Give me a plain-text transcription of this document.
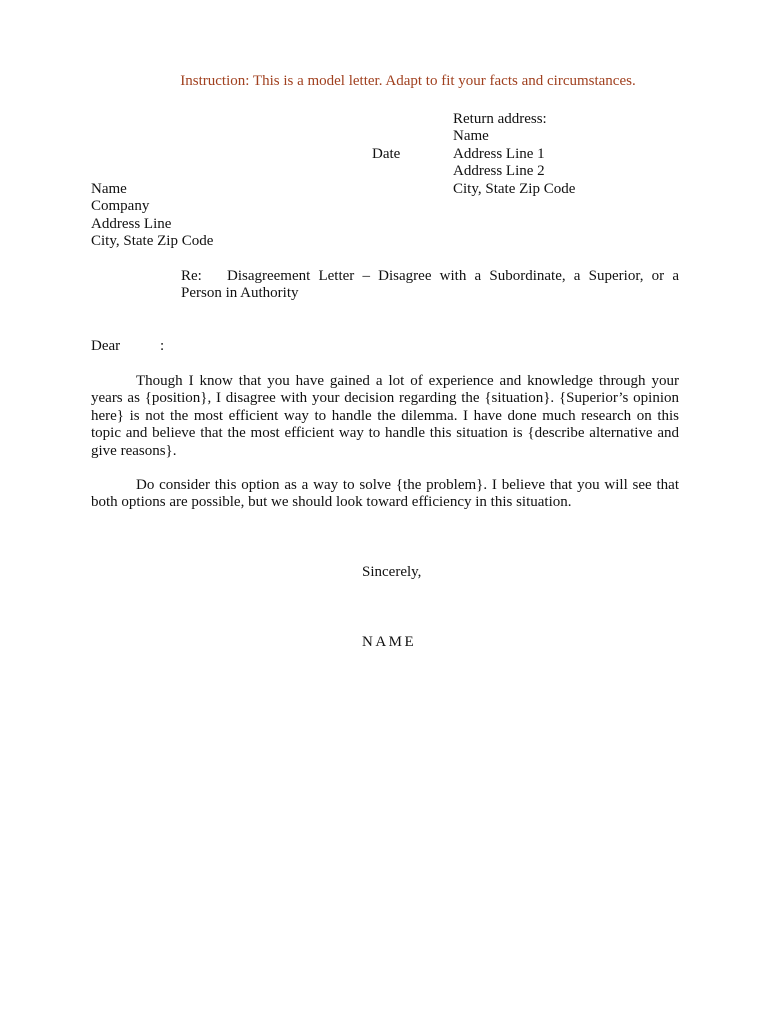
Instruction: This is a model letter. Adapt to fit your facts and circumstances.
Return address:
Name
Address Line 1
Address Line 2
City, State Zip Code
Date
Name
Company
Address Line
City, State Zip Code
Re: Disagreement Letter – Disagree with a Subordinate, a Superior, or a Person in Authority
Dear	:
Though I know that you have gained a lot of experience and knowledge through your years as {position}, I disagree with your decision regarding the {situation}. {Superior’s opinion here} is not the most efficient way to handle the dilemma. I have done much research on this topic and believe that the most efficient way to handle this situation is {describe alternative and give reasons}.
Do consider this option as a way to solve {the problem}. I believe that you will see that both options are possible, but we should look toward efficiency in this situation.
Sincerely,
NAME
